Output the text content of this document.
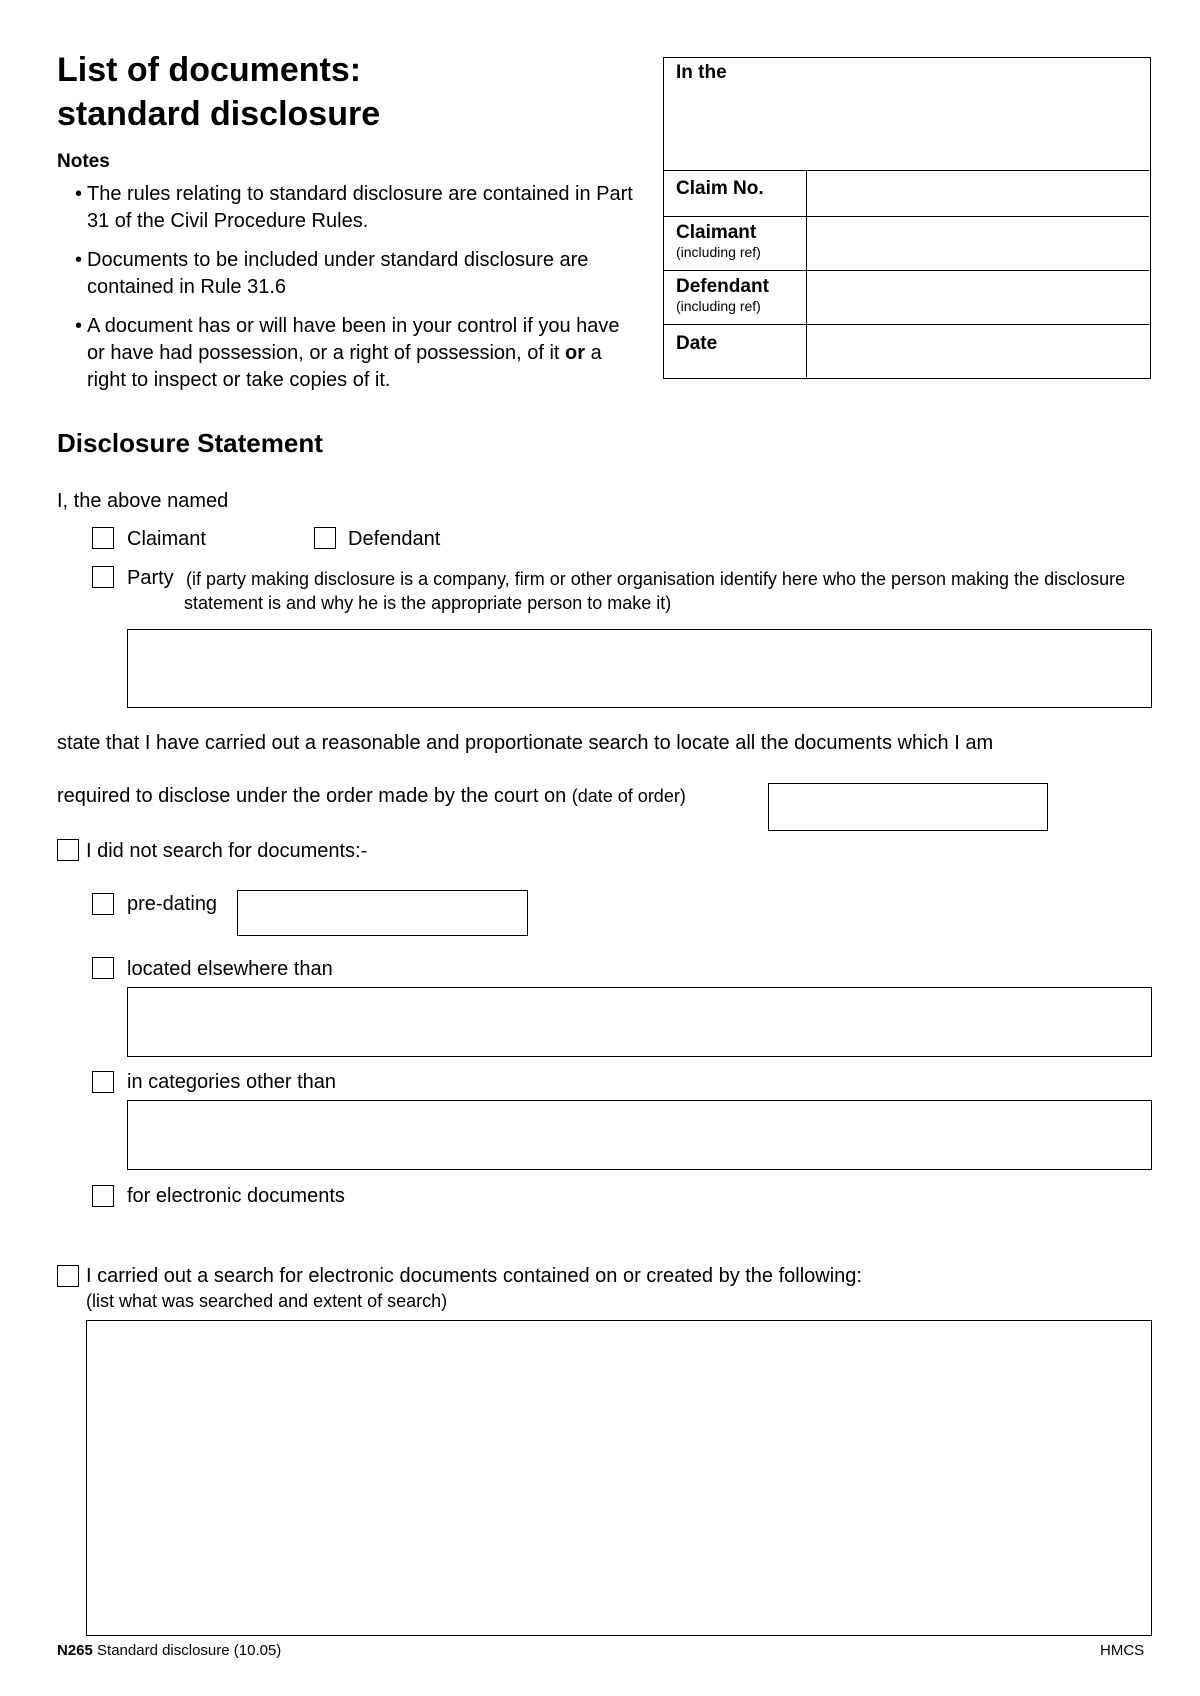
List of documents:
standard disclosure
Notes
• The rules relating to standard disclosure are contained in Part 31 of the Civil Procedure Rules.
• Documents to be included under standard disclosure are contained in Rule 31.6
• A document has or will have been in your control if you have or have had possession, or a right of possession, of it or a right to inspect or take copies of it.
In the
Claim No.
Claimant
(including ref)
Defendant
(including ref)
Date
Disclosure Statement
I, the above named
Claimant	Defendant
Party (if party making disclosure is a company, firm or other organisation identify here who the person making the disclosure statement is and why he is the appropriate person to make it)
state that I have carried out a reasonable and proportionate search to locate all the documents which I am
required to disclose under the order made by the court on (date of order)
I did not search for documents:-
pre-dating
located elsewhere than
in categories other than
for electronic documents
I carried out a search for electronic documents contained on or created by the following:
(list what was searched and extent of search)
N265 Standard disclosure (10.05)	HMCS
